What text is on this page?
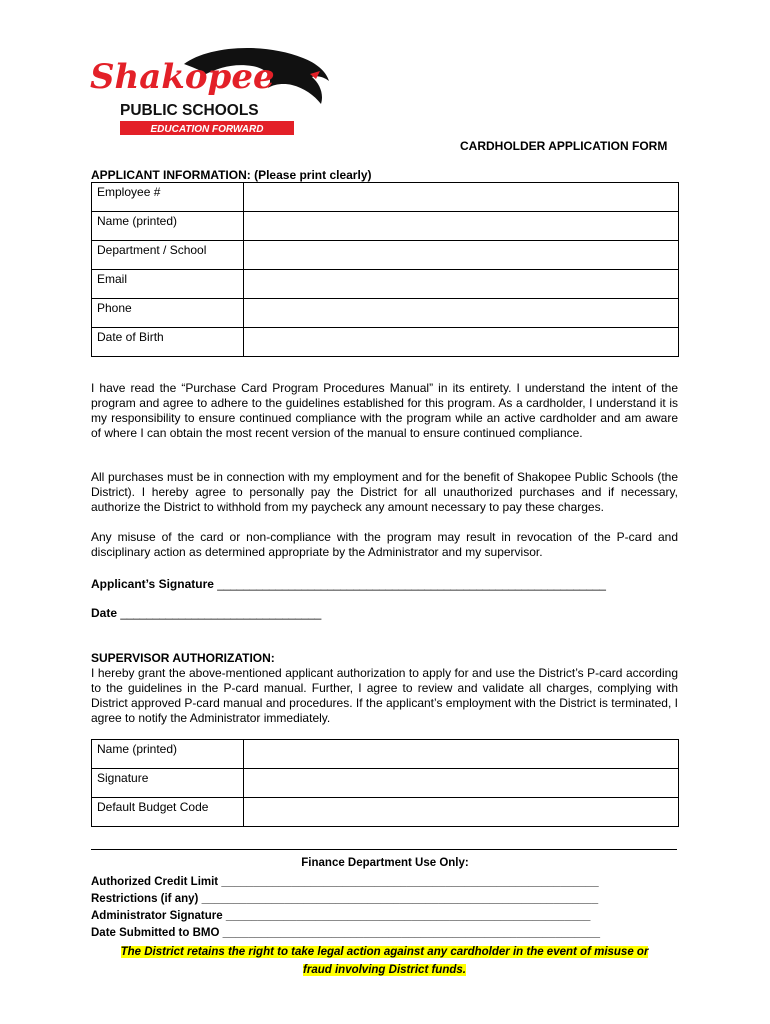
Shakopee
PUBLIC SCHOOLS
EDUCATION FORWARD
CARDHOLDER APPLICATION FORM
APPLICANT INFORMATION: (Please print clearly)
Employee #	
Name (printed)	
Department / School	
Email	
Phone	
Date of Birth	

I have read the “Purchase Card Program Procedures Manual” in its entirety. I understand the intent of the program and agree to adhere to the guidelines established for this program. As a cardholder, I understand it is my responsibility to ensure continued compliance with the program while an active cardholder and am aware of where I can obtain the most recent version of the manual to ensure continued compliance.

All purchases must be in connection with my employment and for the benefit of Shakopee Public Schools (the District). I hereby agree to personally pay the District for all unauthorized purchases and if necessary, authorize the District to withhold from my paycheck any amount necessary to pay these charges.

Any misuse of the card or non-compliance with the program may result in revocation of the P-card and disciplinary action as determined appropriate by the Administrator and my supervisor.

Applicant’s Signature ____________________________________________________________
Date _______________________________
SUPERVISOR AUTHORIZATION:

I hereby grant the above-mentioned applicant authorization to apply for and use the District’s P-card according to the guidelines in the P-card manual. Further, I agree to review and validate all charges, complying with District approved P-card manual and procedures. If the applicant’s employment with the District is terminated, I agree to notify the Administrator immediately.

Name (printed)	
Signature	
Default Budget Code	
Finance Department Use Only:
Authorized Credit Limit ___________________________________________________________
Restrictions (if any) ______________________________________________________________
Administrator Signature _________________________________________________________
Date Submitted to BMO ___________________________________________________________
The District retains the right to take legal action against any cardholder in the event of misuse or
fraud involving District funds.
